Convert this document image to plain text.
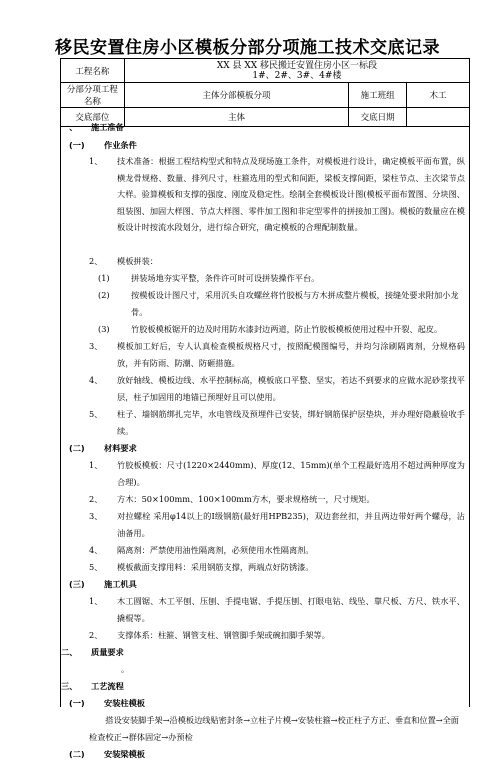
移民安置住房小区模板分部分项施工技术交底记录
工程名称	XX 县 XX 移民搬迁安置住房小区一标段
1#、2#、3#、4#楼		

分部分项工程名称	主体分部模板分项	施工班组	木工
交底部位	主体	交底日期	
一、 施工准备
(一) 作业条件
1、 技术准备：根据工程结构型式和特点及现场施工条件，对模板进行设计，确定模板平面布置，纵横龙骨规格、数量、排列尺寸，柱箍选用的型式和间距，梁板支撑间距，梁柱节点、主次梁节点大样。验算模板和支撑的强度、刚度及稳定性。绘制全套模板设计图(模板平面布置图、分块图、组装图、加固大样图、节点大样图、零件加工图和非定型零件的拼接加工图)。模板的数量应在模板设计时按流水段划分，进行综合研究，确定模板的合理配制数量。
2、 模板拼装：
(1)	拼装场地夯实平整，条件许可时可设拼装操作平台。
(2)	按模板设计图尺寸，采用沉头自攻螺丝将竹胶板与方木拼成整片模板，接缝处要求附加小龙骨。
(3)	竹胶板模板锯开的边及时用防水漆封边两道，防止竹胶板模板使用过程中开裂、起皮。
3、 模板加工好后，专人认真检查模板规格尺寸，按照配模图编号，并均匀涂刷隔离剂，分规格码放，并有防雨、防潮、防砸措施。
4、 放好轴线、模板边线、水平控制标高，模板底口平整、坚实，若达不到要求的应做水泥砂浆找平层，柱子加固用的地锚已预埋好且可以使用。
5、 柱子、墙钢筋绑扎完毕，水电管线及预埋件已安装，绑好钢筋保护层垫块，并办理好隐蔽验收手续。
(二) 材料要求
1、 竹胶板模板：尺寸(1220×2440mm)、厚度(12、15mm)(单个工程最好选用不超过两种厚度为合理)。
2、 方木：50×100mm、100×100mm方木，要求规格统一，尺寸规矩。
3、 对拉螺栓 采用φ14以上的Ⅰ级钢筋(最好用HPB235)，双边套丝扣，并且两边带好两个螺母，沾油备用。
4、 隔离剂：严禁使用油性隔离剂，必须使用水性隔离剂。
5、 模板截面支撑用料：采用钢筋支撑，两端点好防锈漆。
(三) 施工机具
1、 木工圆锯、木工平刨、压刨、手提电锯、手提压刨、打眼电钻、线坠、靠尺板、方尺、铁水平、撬棍等。
2、 支撑体系：柱箍、钢管支柱、钢管脚手架或碗扣脚手架等。
二、 质量要求
。
三、 工艺流程
(一) 安装柱模板
　　搭设安装脚手架→沿模板边线贴密封条→立柱子片模→安装柱箍→校正柱子方正、垂直和位置→全面检查校正→群体固定→办预检
(二) 安装梁模板
